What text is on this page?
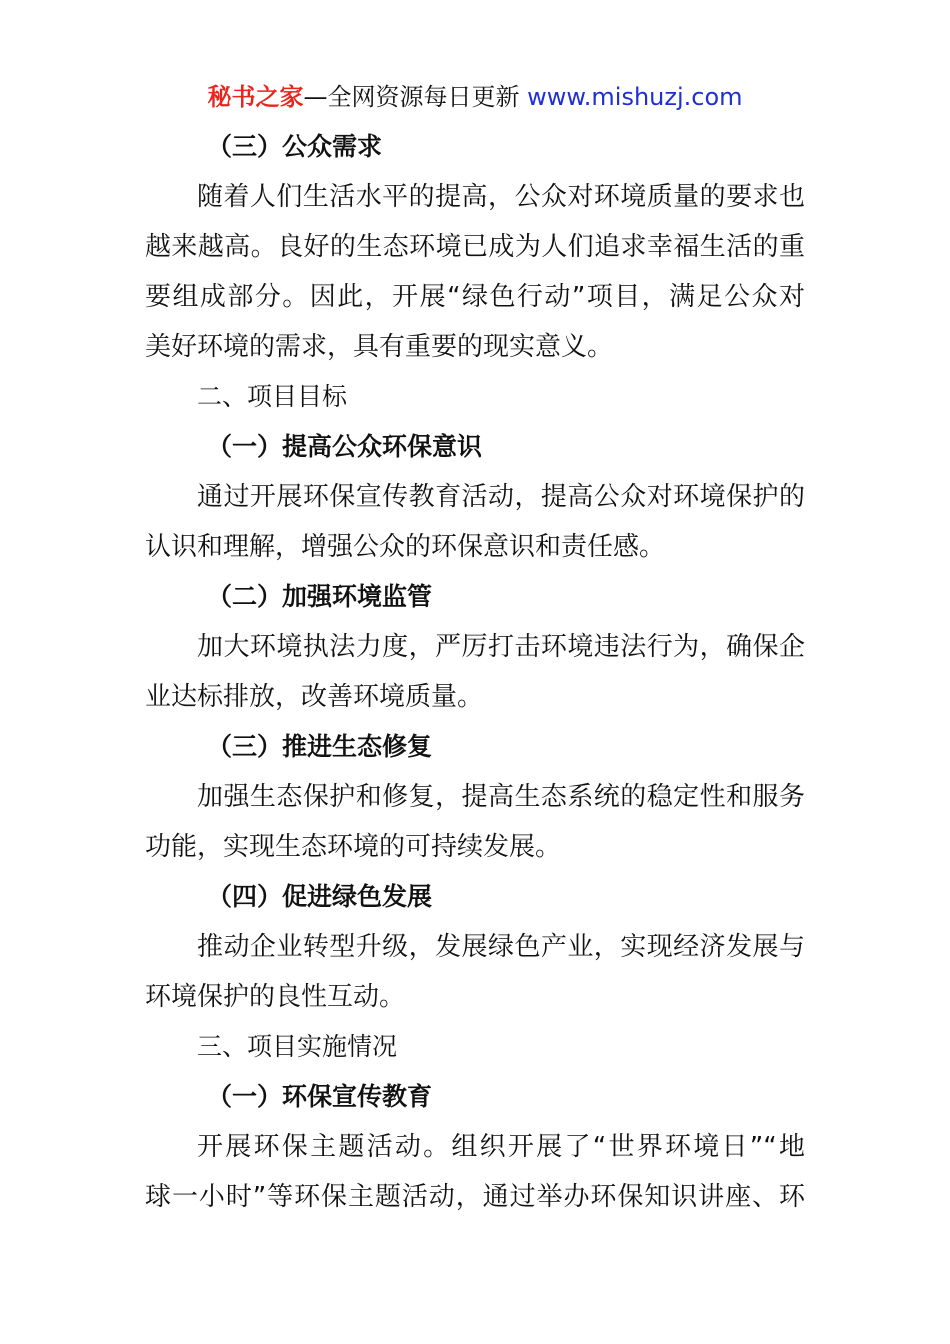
秘书之家—全网资源每日更新 www.mishuzj.com
（三）公众需求
随着人们生活水平的提高，公众对环境质量的要求也
越来越高。良好的生态环境已成为人们追求幸福生活的重
要组成部分。因此，开展“绿色行动”项目，满足公众对
美好环境的需求，具有重要的现实意义。
二、项目目标
（一）提高公众环保意识
通过开展环保宣传教育活动，提高公众对环境保护的
认识和理解，增强公众的环保意识和责任感。
（二）加强环境监管
加大环境执法力度，严厉打击环境违法行为，确保企
业达标排放，改善环境质量。
（三）推进生态修复
加强生态保护和修复，提高生态系统的稳定性和服务
功能，实现生态环境的可持续发展。
（四）促进绿色发展
推动企业转型升级，发展绿色产业，实现经济发展与
环境保护的良性互动。
三、项目实施情况
（一）环保宣传教育
开展环保主题活动。组织开展了“世界环境日”“地
球一小时”等环保主题活动，通过举办环保知识讲座、环
